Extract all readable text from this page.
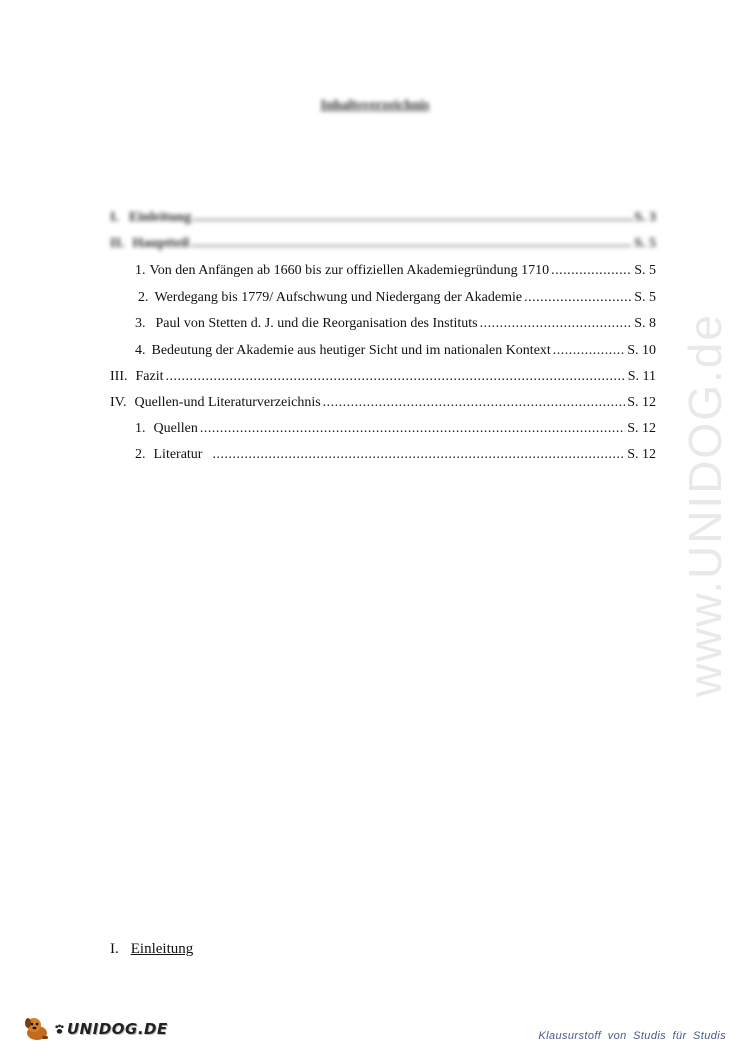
www.UNIDOG.de
Inhaltsverzeichnis
I. Einleitung .....	S. 3
II. Hauptteil .....	S. 5
1. Von den Anfängen ab 1660 bis zur offiziellen Akademiegründung 1710 .....	S. 5
2. Werdegang bis 1779/ Aufschwung und Niedergang der Akademie .....	S. 5
3. Paul von Stetten d. J. und die Reorganisation des Instituts .....	S. 8
4. Bedeutung der Akademie aus heutiger Sicht und im nationalen Kontext .....	S. 10
III. Fazit .....	S. 11
IV. Quellen-und Literaturverzeichnis .....	S. 12
1. Quellen .....	S. 12
2. Literatur .....	S. 12
I. Einleitung
UNIDOG.DE	Klausurstoff von Studis für Studis
